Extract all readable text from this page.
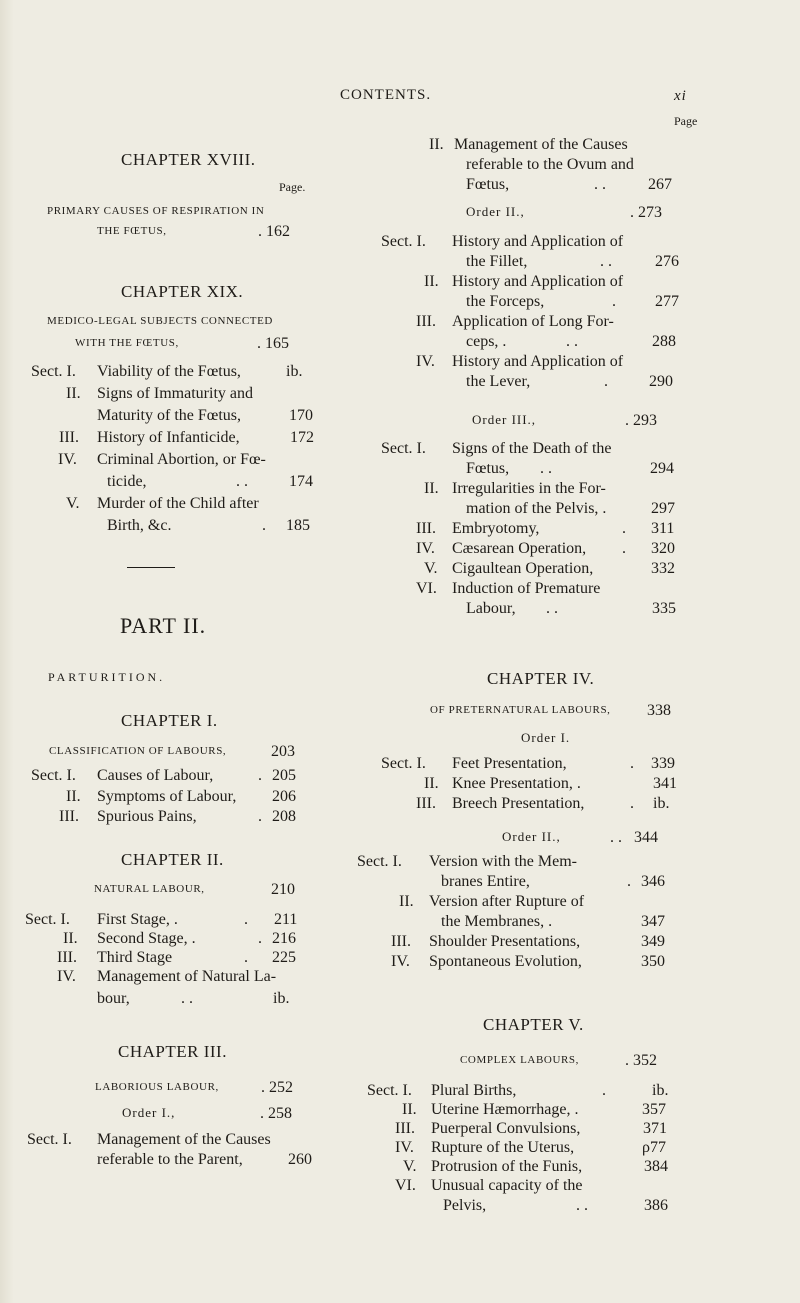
CONTENTS.	xi
CHAPTER XVIII.
Page.
PRIMARY CAUSES OF RESPIRATION IN
THE FŒTUS,	. 162
CHAPTER XIX.
MEDICO-LEGAL SUBJECTS CONNECTED
WITH THE FŒTUS,	. 165
Sect. I. Viability of the Fœtus,	ib.
II. Signs of Immaturity and
Maturity of the Fœtus,	170
III. History of Infanticide,	172
IV. Criminal Abortion, or Fœ-
ticide,	. .	174
V. Murder of the Child after
Birth, &c.	. 185
PART II.
PARTURITION.
CHAPTER I.
CLASSIFICATION OF LABOURS,	203
Sect. I. Causes of Labour,	. 205
II. Symptoms of Labour, 206
III. Spurious Pains,	. 208
CHAPTER II.
NATURAL LABOUR,	210
Sect. I. First Stage, .	. 211
II. Second Stage, .	. 216
III. Third Stage	. 225
IV. Management of Natural La-
bour,	. .	ib.
CHAPTER III.
LABORIOUS LABOUR,	. 252
Order I.,	. 258
Sect. I. Management of the Causes
referable to the Parent,	260
Page
II. Management of the Causes
referable to the Ovum and
Fœtus,	. .	267
Order II.,	. 273
Sect. I. History and Application of
the Fillet,	. .	276
II. History and Application of
the Forceps,	. 277
III. Application of Long For-
ceps, .	. .	288
IV. History and Application of
the Lever,	.	290
Order III.,	. 293
Sect. I. Signs of the Death of the
Fœtus, . .	294
II. Irregularities in the For-
mation of the Pelvis, .	297
III. Embryotomy,	. 311
IV. Cæsarean Operation, . 320
V. Cigaultean Operation,	332
VI. Induction of Premature
Labour, . .	335
CHAPTER IV.
OF PRETERNATURAL LABOURS, 338
Order I.
Sect. I. Feet Presentation,	. 339
II. Knee Presentation, .	341
III. Breech Presentation,	. ib.
Order II.,	. .   344
Sect. I. Version with the Mem-
branes Entire,	. 346
II. Version after Rupture of
the Membranes, .	347
III. Shoulder Presentations,	349
IV. Spontaneous Evolution,	350
CHAPTER V.
COMPLEX LABOURS,	. 352
Sect. I. Plural Births,	.	ib.
II. Uterine Hæmorrhage, .	357
III. Puerperal Convulsions,	371
IV. Rupture of the Uterus,	ρ77
V. Protrusion of the Funis,	384
VI. Unusual capacity of the
Pelvis,	. .	386
